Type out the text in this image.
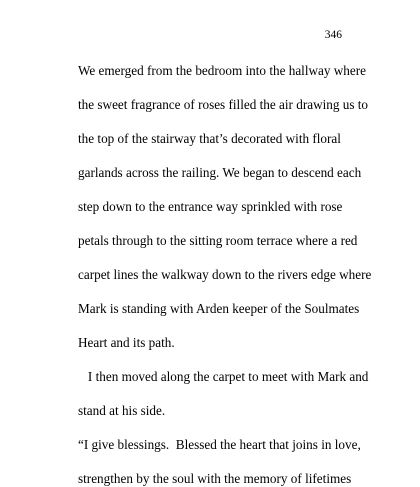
346
We emerged from the bedroom into the hallway where
the sweet fragrance of roses filled the air drawing us to
the top of the stairway that’s decorated with floral
garlands across the railing. We began to descend each
step down to the entrance way sprinkled with rose
petals through to the sitting room terrace where a red
carpet lines the walkway down to the rivers edge where
Mark is standing with Arden keeper of the Soulmates
Heart and its path.
I then moved along the carpet to meet with Mark and
stand at his side.
“I give blessings.  Blessed the heart that joins in love,
strengthen by the soul with the memory of lifetimes
